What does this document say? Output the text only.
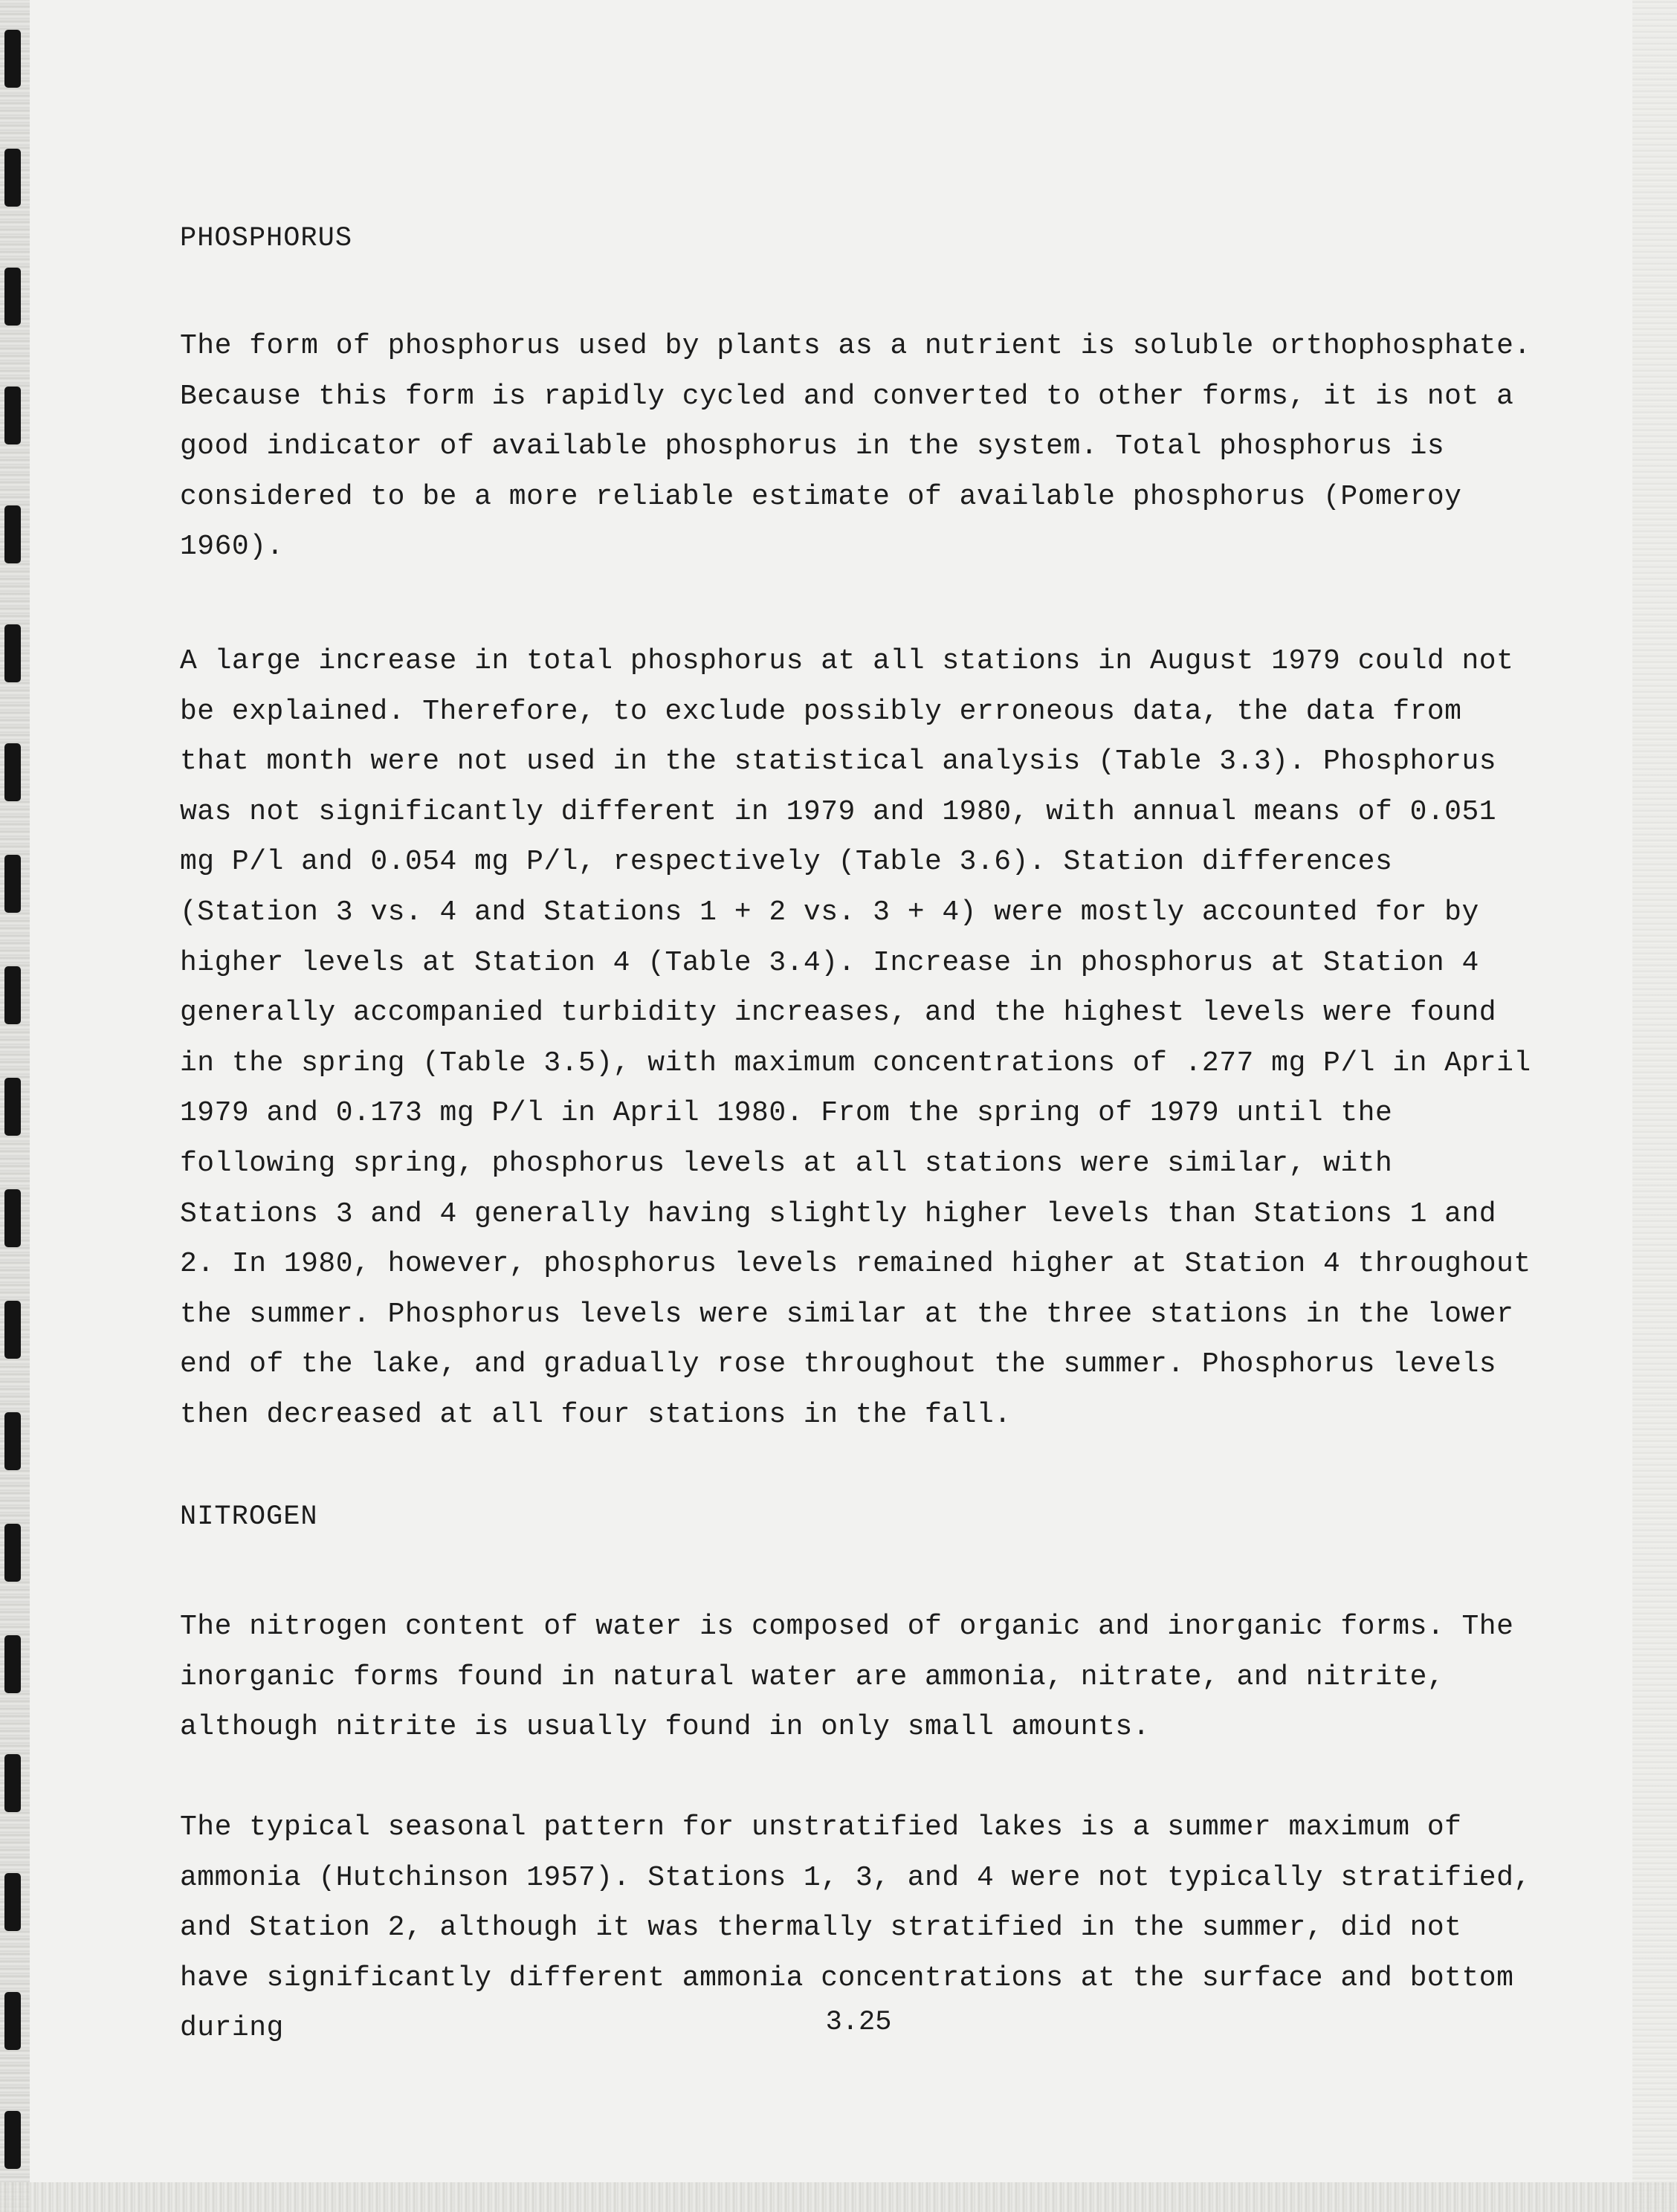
PHOSPHORUS

The form of phosphorus used by plants as a nutrient is soluble orthophosphate. Because this form is rapidly cycled and converted to other forms, it is not a good indicator of available phosphorus in the system. Total phosphorus is considered to be a more reliable estimate of available phosphorus (Pomeroy 1960).

A large increase in total phosphorus at all stations in August 1979 could not be explained. Therefore, to exclude possibly erroneous data, the data from that month were not used in the statistical analysis (Table 3.3). Phosphorus was not significantly different in 1979 and 1980, with annual means of 0.051 mg P/l and 0.054 mg P/l, respectively (Table 3.6). Station differences (Station 3 vs. 4 and Stations 1 + 2 vs. 3 + 4) were mostly accounted for by higher levels at Station 4 (Table 3.4). Increase in phosphorus at Station 4 generally accompanied turbidity increases, and the highest levels were found in the spring (Table 3.5), with maximum concentrations of .277 mg P/l in April 1979 and 0.173 mg P/l in April 1980. From the spring of 1979 until the following spring, phosphorus levels at all stations were similar, with Stations 3 and 4 generally having slightly higher levels than Stations 1 and 2. In 1980, however, phosphorus levels remained higher at Station 4 throughout the summer. Phosphorus levels were similar at the three stations in the lower end of the lake, and gradually rose throughout the summer. Phosphorus levels then decreased at all four stations in the fall.

NITROGEN

The nitrogen content of water is composed of organic and inorganic forms. The inorganic forms found in natural water are ammonia, nitrate, and nitrite, although nitrite is usually found in only small amounts.

The typical seasonal pattern for unstratified lakes is a summer maximum of ammonia (Hutchinson 1957). Stations 1, 3, and 4 were not typically stratified, and Station 2, although it was thermally stratified in the summer, did not have significantly different ammonia concentrations at the surface and bottom during	3.25
